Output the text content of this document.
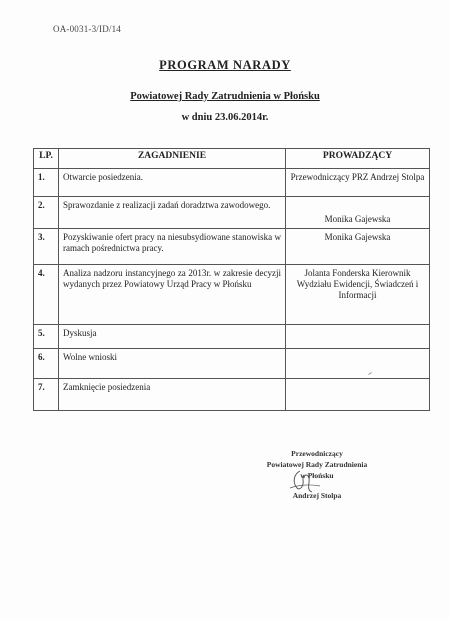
OA-0031-3/ID/14
PROGRAM NARADY
Powiatowej Rady Zatrudnienia w Płońsku
w dniu 23.06.2014r.
LP.	ZAGADNIENIE	PROWADZĄCY
1.	Otwarcie posiedzenia.	Przewodniczący PRZ Andrzej Stolpa
2.	Sprawozdanie z realizacji zadań doradztwa zawodowego.	Monika Gajewska
3.	Pozyskiwanie ofert pracy na niesubsydiowane stanowiska w ramach pośrednictwa pracy.	Monika Gajewska
4.	Analiza nadzoru instancyjnego za 2013r. w zakresie decyzji wydanych przez Powiatowy Urząd Pracy w Płońsku	Jolanta Fonderska Kierownik Wydziału Ewidencji, Świadczeń i Informacji
5.	Dyskusja	
6.	Wolne wnioski	
7.	Zamknięcie posiedzenia	
Przewodniczący
Powiatowej Rady Zatrudnienia
w Płońsku
Andrzej Stolpa
